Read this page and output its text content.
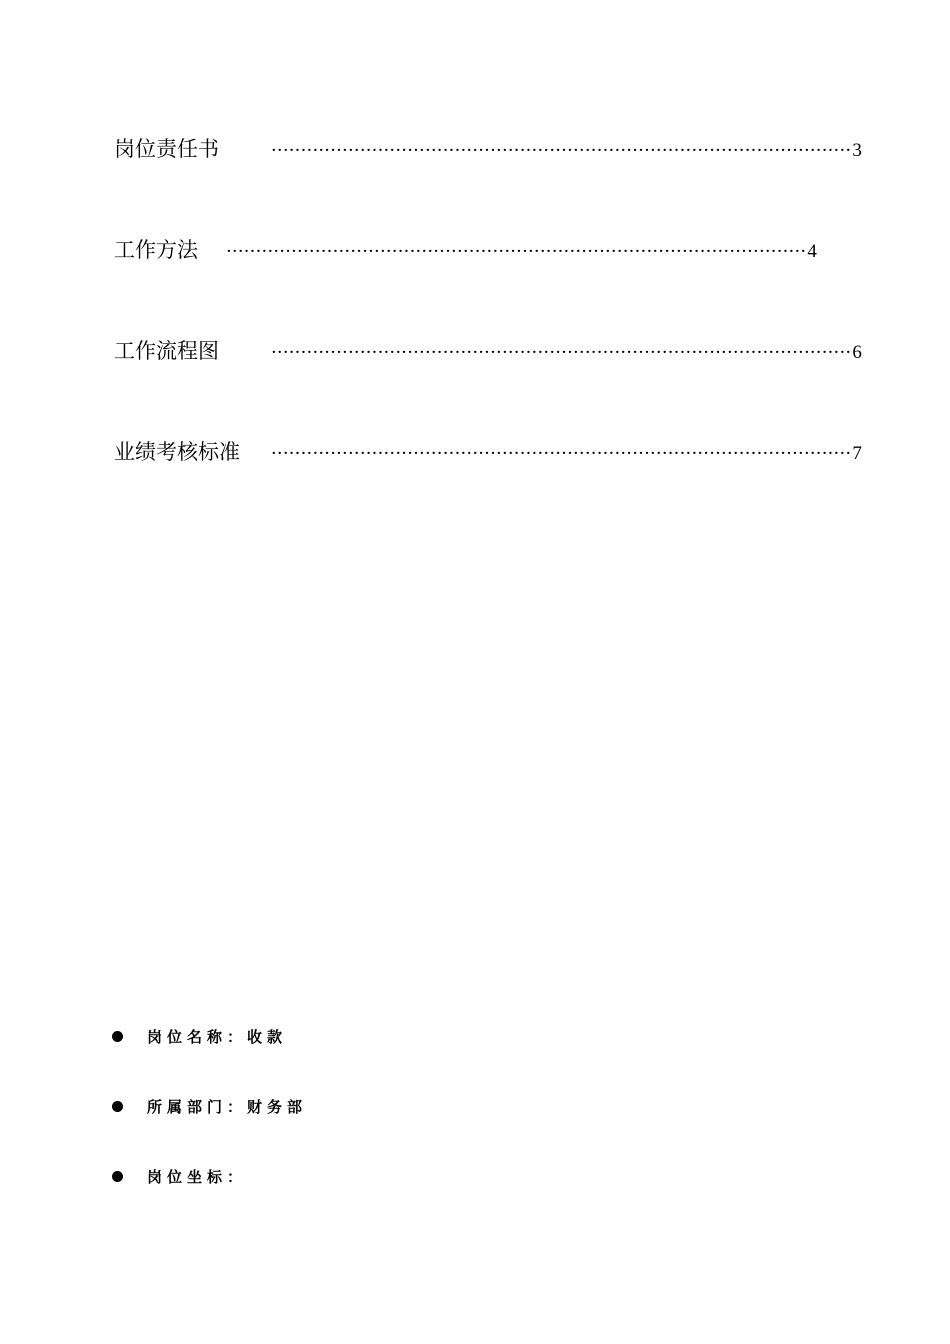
岗位责任书	·································································································· 3
工作方法	·································································································· 4
工作流程图	·································································································· 6
业绩考核标准	·································································································· 7
岗位名称：收款
所属部门：财务部
岗位坐标：
